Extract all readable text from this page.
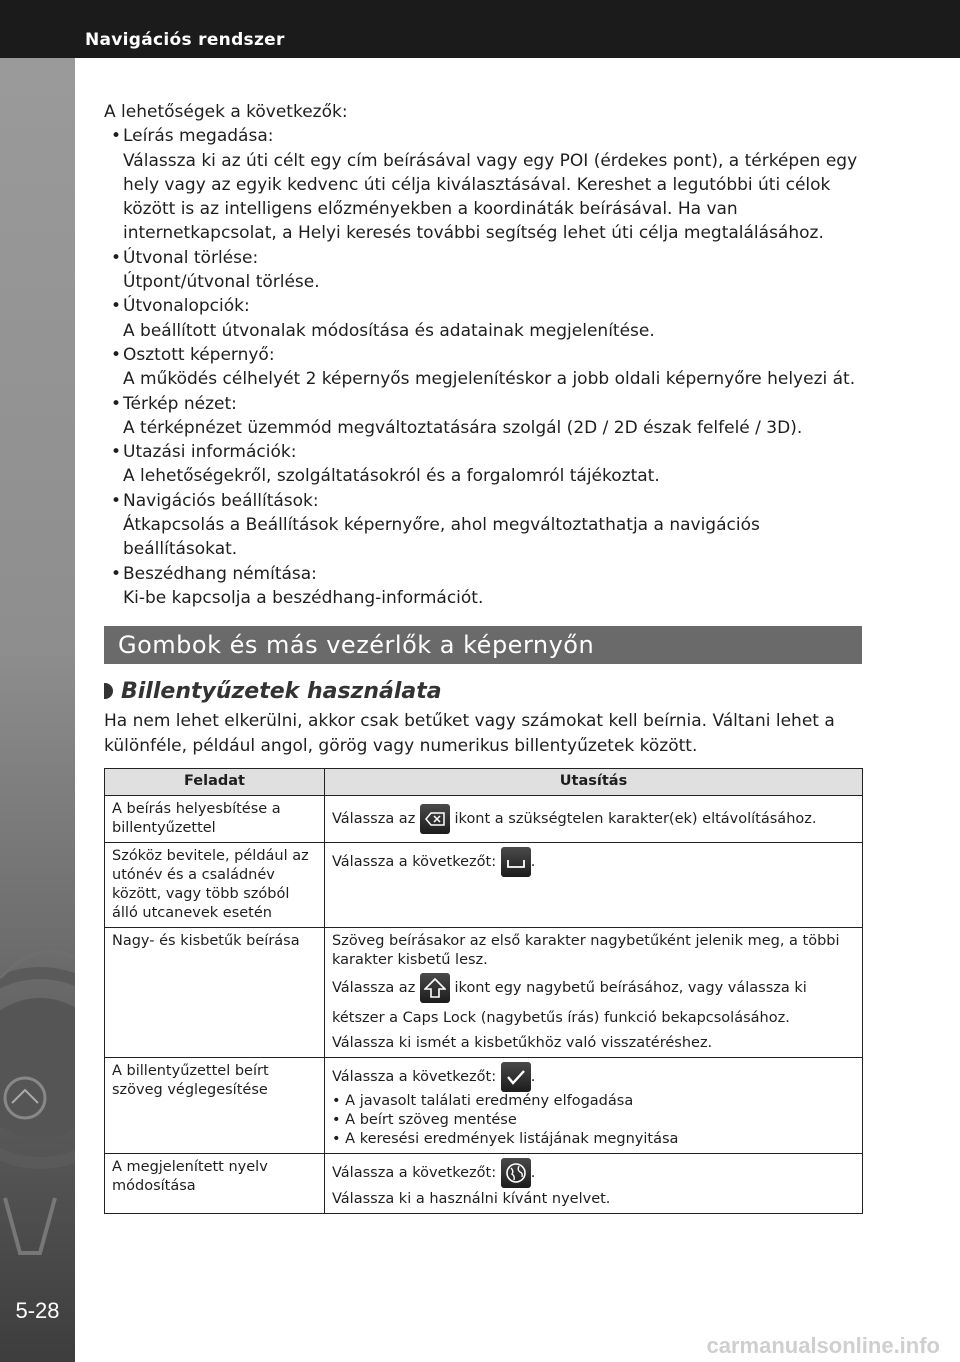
Navigációs rendszer
5-28
carmanualsonline.info
A lehetőségek a következők:
• Leírás megadása:
Válassza ki az úti célt egy cím beírásával vagy egy POI (érdekes pont), a térképen egy hely vagy az egyik kedvenc úti célja kiválasztásával. Kereshet a legutóbbi úti célok között is az intelligens előzményekben a koordináták beírásával. Ha van internetkapcsolat, a Helyi keresés további segítség lehet úti célja megtalálásához.
• Útvonal törlése:
Útpont/útvonal törlése.
• Útvonalopciók:
A beállított útvonalak módosítása és adatainak megjelenítése.
• Osztott képernyő:
A működés célhelyét 2 képernyős megjelenítéskor a jobb oldali képernyőre helyezi át.
• Térkép nézet:
A térképnézet üzemmód megváltoztatására szolgál (2D / 2D észak felfelé / 3D).
• Utazási információk:
A lehetőségekről, szolgáltatásokról és a forgalomról tájékoztat.
• Navigációs beállítások:
Átkapcsolás a Beállítások képernyőre, ahol megváltoztathatja a navigációs beállításokat.
• Beszédhang némítása:
Ki-be kapcsolja a beszédhang-információt.
Gombok és más vezérlők a képernyőn
Billentyűzetek használata
Ha nem lehet elkerülni, akkor csak betűket vagy számokat kell beírnia. Váltani lehet a különféle, például angol, görög vagy numerikus billentyűzetek között.
Feladat	Utasítás
A beírás helyesbítése a billentyűzettel	Válassza az ikont a szükségtelen karakter(ek) eltávolításához.
Szóköz bevitele, például az utónév és a családnév között, vagy több szóból álló utcanevek esetén	Válassza a következőt: .
Nagy- és kisbetűk beírása	Szöveg beírásakor az első karakter nagybetűként jelenik meg, a többi karakter kisbetű lesz.
Válassza az ikont egy nagybetű beírásához, vagy válassza ki
kétszer a Caps Lock (nagybetűs írás) funkció bekapcsolásához.
Válassza ki ismét a kisbetűkhöz való visszatéréshez.

A billentyűzettel beírt szöveg véglegesítése	Válassza a következőt: .
• A javasolt találati eredmény elfogadása
• A beírt szöveg mentése
• A keresési eredmények listájának megnyitása

A megjelenített nyelv módosítása	Válassza a következőt: .
Válassza ki a használni kívánt nyelvet.
